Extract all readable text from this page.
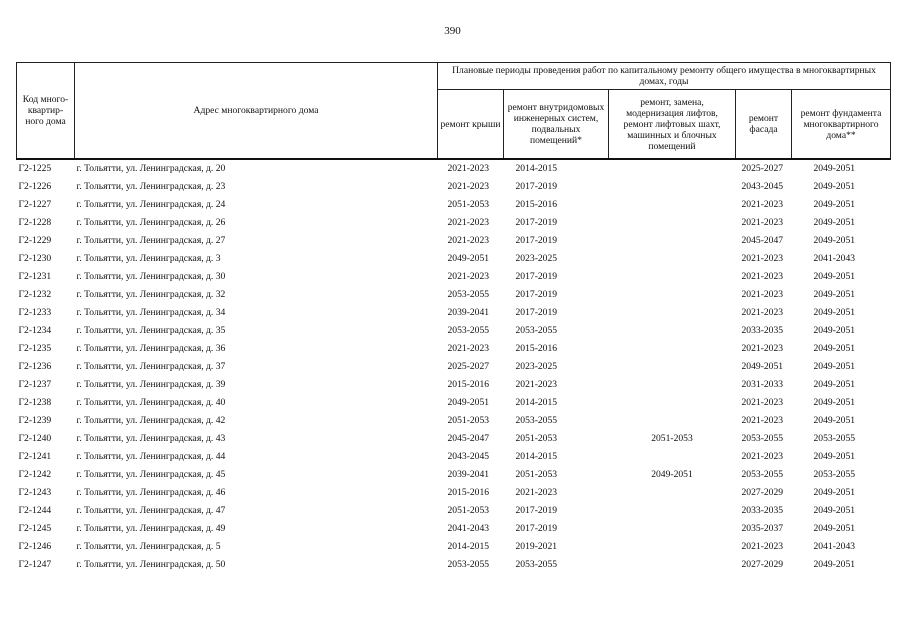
390
Код много-квартир-ного дома	Адрес многоквартирного дома	Плановые периоды проведения работ по капитальному ремонту общего имущества в многоквартирных домах, годы				
		ремонт крыши	ремонт внутридомовых инженерных систем, подвальных помещений*	ремонт, замена, модернизация лифтов, ремонт лифтовых шахт, машинных и блочных помещений	ремонт фасада	ремонт фундамента многоквартирного дома**
Г2-1225	г. Тольятти, ул. Ленинградская, д. 20	2021-2023	2014-2015		2025-2027	2049-2051
Г2-1226	г. Тольятти, ул. Ленинградская, д. 23	2021-2023	2017-2019		2043-2045	2049-2051
Г2-1227	г. Тольятти, ул. Ленинградская, д. 24	2051-2053	2015-2016		2021-2023	2049-2051
Г2-1228	г. Тольятти, ул. Ленинградская, д. 26	2021-2023	2017-2019		2021-2023	2049-2051
Г2-1229	г. Тольятти, ул. Ленинградская, д. 27	2021-2023	2017-2019		2045-2047	2049-2051
Г2-1230	г. Тольятти, ул. Ленинградская, д. 3	2049-2051	2023-2025		2021-2023	2041-2043
Г2-1231	г. Тольятти, ул. Ленинградская, д. 30	2021-2023	2017-2019		2021-2023	2049-2051
Г2-1232	г. Тольятти, ул. Ленинградская, д. 32	2053-2055	2017-2019		2021-2023	2049-2051
Г2-1233	г. Тольятти, ул. Ленинградская, д. 34	2039-2041	2017-2019		2021-2023	2049-2051
Г2-1234	г. Тольятти, ул. Ленинградская, д. 35	2053-2055	2053-2055		2033-2035	2049-2051
Г2-1235	г. Тольятти, ул. Ленинградская, д. 36	2021-2023	2015-2016		2021-2023	2049-2051
Г2-1236	г. Тольятти, ул. Ленинградская, д. 37	2025-2027	2023-2025		2049-2051	2049-2051
Г2-1237	г. Тольятти, ул. Ленинградская, д. 39	2015-2016	2021-2023		2031-2033	2049-2051
Г2-1238	г. Тольятти, ул. Ленинградская, д. 40	2049-2051	2014-2015		2021-2023	2049-2051
Г2-1239	г. Тольятти, ул. Ленинградская, д. 42	2051-2053	2053-2055		2021-2023	2049-2051
Г2-1240	г. Тольятти, ул. Ленинградская, д. 43	2045-2047	2051-2053	2051-2053	2053-2055	2053-2055
Г2-1241	г. Тольятти, ул. Ленинградская, д. 44	2043-2045	2014-2015		2021-2023	2049-2051
Г2-1242	г. Тольятти, ул. Ленинградская, д. 45	2039-2041	2051-2053	2049-2051	2053-2055	2053-2055
Г2-1243	г. Тольятти, ул. Ленинградская, д. 46	2015-2016	2021-2023		2027-2029	2049-2051
Г2-1244	г. Тольятти, ул. Ленинградская, д. 47	2051-2053	2017-2019		2033-2035	2049-2051
Г2-1245	г. Тольятти, ул. Ленинградская, д. 49	2041-2043	2017-2019		2035-2037	2049-2051
Г2-1246	г. Тольятти, ул. Ленинградская, д. 5	2014-2015	2019-2021		2021-2023	2041-2043
Г2-1247	г. Тольятти, ул. Ленинградская, д. 50	2053-2055	2053-2055		2027-2029	2049-2051
